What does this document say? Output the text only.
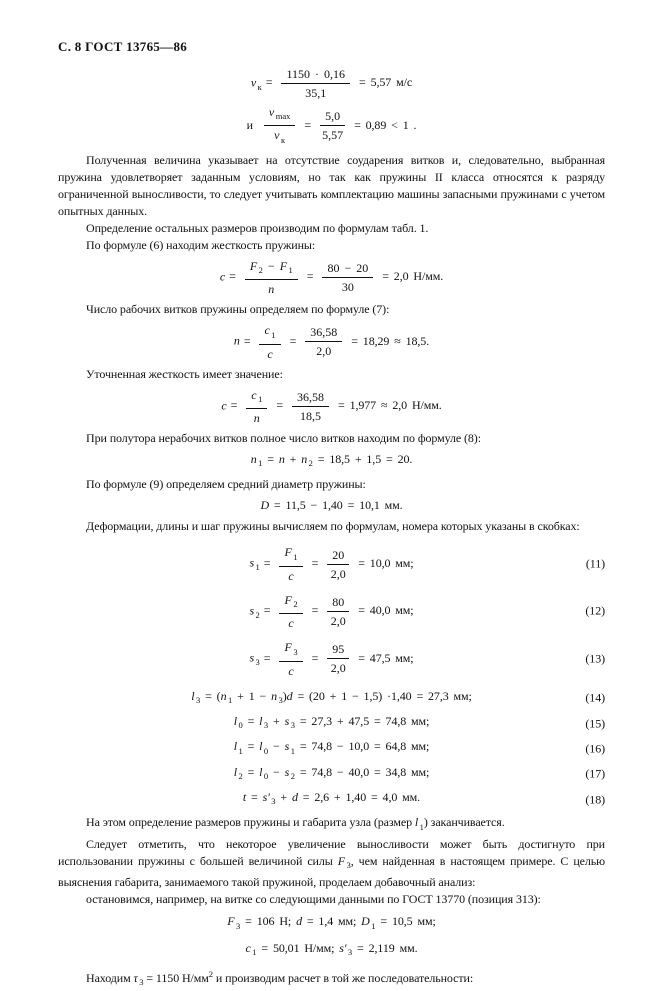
С. 8 ГОСТ 13765—86
v $_к = \frac{1150 \cdot 0,16}{35,1} = 5,57$ м/с
и $\frac{v _{max}}{v _к} = \frac{5,0}{5,57} = 0,89 < 1$ .

Полученная величина указывает на отсутствие соударения витков и, следовательно, выбранная пружина удовлетворяет заданным условиям, но так как пружины II класса относятся к разряду ограниченной выносливости, то следует учитывать комплектацию машины запасными пружинами с учетом опытных данных.

Определение остальных размеров производим по формулам табл. 1.

По формуле (6) находим жесткость пружины:

$c = \frac{F _2 - F _1}{n} = \frac{80 - 20}{30} = 2,0$ Н/мм.

Число рабочих витков пружины определяем по формуле (7):

$n = \frac{c _1}{c} = \frac{36,58}{2,0} = 18,29 \approx 18,5$.

Уточненная жесткость имеет значение:

$c = \frac{c _1}{n} = \frac{36,58}{18,5} = 1,977 \approx 2,0$ Н/мм.

При полутора нерабочих витков полное число витков находим по формуле (8):

n $_1$ = n + n $_2$ = 18,5 + 1,5 = 20.

По формуле (9) определяем средний диаметр пружины:

D = 11,5 − 1,40 = 10,1 мм.

Деформации, длины и шаг пружины вычисляем по формулам, номера которых указаны в скобках:

s $_1 = \frac{F _1}{c} = \frac{20}{2,0} = 10,0$ мм;	(11)
s $_2 = \frac{F _2}{c} = \frac{80}{2,0} = 40,0$ мм;	(12)
s $_3 = \frac{F _3}{c} = \frac{95}{2,0} = 47,5$ мм;	(13)
l $_3$ = (n $_1$ + 1 − n $_3$)d = (20 + 1 − 1,5) ·1,40 = 27,3 мм;	(14)
l $_0$ = l $_3$ + s $_3$ = 27,3 + 47,5 = 74,8 мм;	(15)
l $_1$ = l $_0$ − s $_1$ = 74,8 − 10,0 = 64,8 мм;	(16)
l $_2$ = l $_0$ − s $_2$ = 74,8 − 40,0 = 34,8 мм;	(17)
t = s′ $_3$ + d = 2,6 + 1,40 = 4,0 мм.	(18)

На этом определение размеров пружины и габарита узла (размер l $_1$) заканчивается.

Следует отметить, что некоторое увеличение выносливости может быть достигнуто при использовании пружины с большей величиной силы F $_3$, чем найденная в настоящем примере. С целью выяснения габарита, занимаемого такой пружиной, проделаем добавочный анализ:

остановимся, например, на витке со следующими данными по ГОСТ 13770 (позиция 313):

F $_3$ = 106 Н; d = 1,4 мм; D $_1$ = 10,5 мм;
c $_1$ = 50,01 Н/мм; s′ $_3$ = 2,119 мм.

Находим τ $_3$ = 1150 $Н/мм^2$ и производим расчет в той же последовательности:
